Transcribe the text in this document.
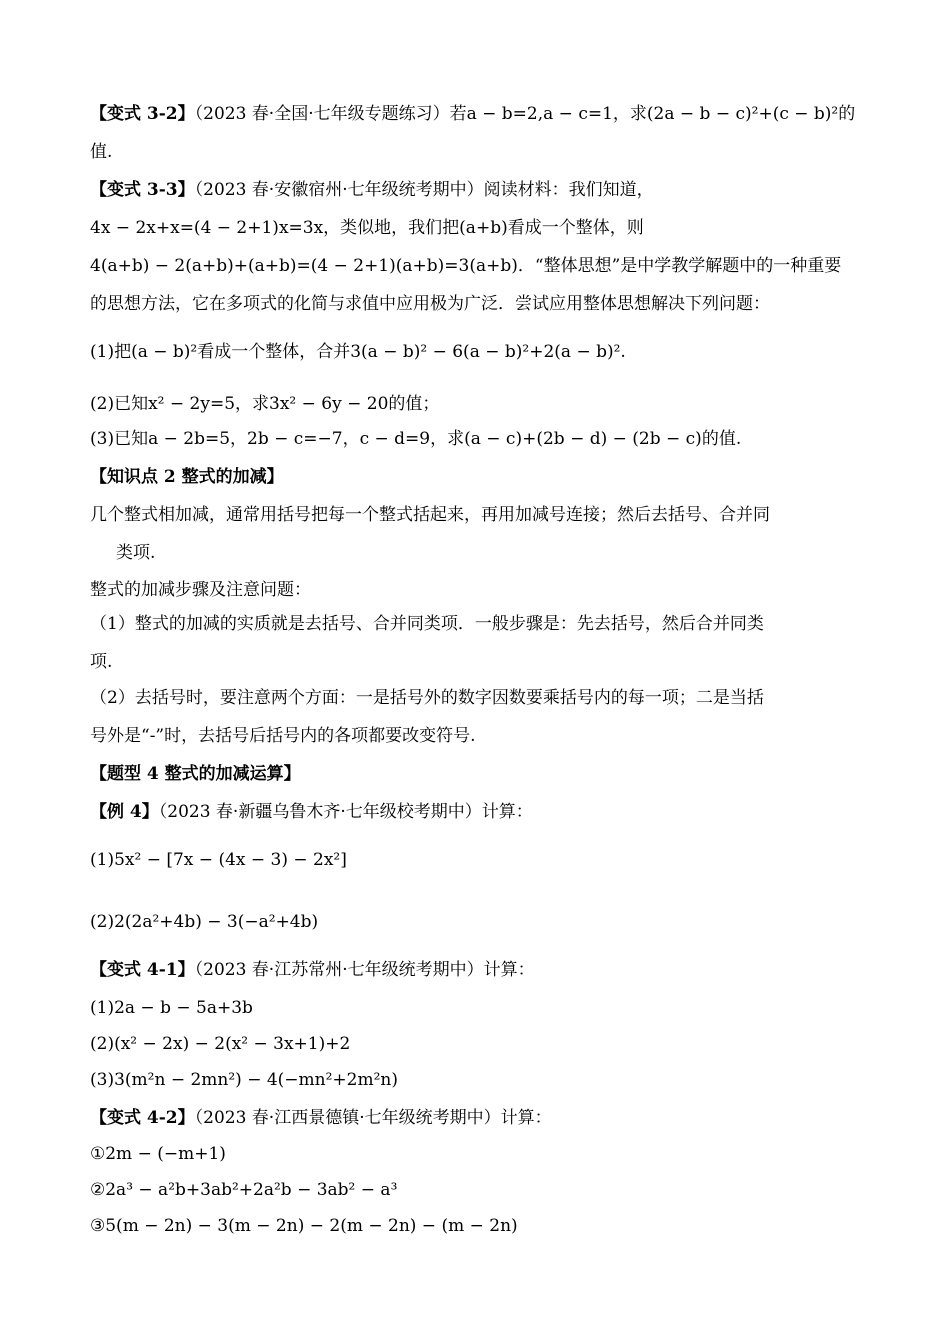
【变式 3-2】（2023 春·全国·七年级专题练习）若a − b=2,a − c=1，求(2a − b − c)²+(c − b)²的
值.
【变式 3-3】（2023 春·安徽宿州·七年级统考期中）阅读材料：我们知道，
4x − 2x+x=(4 − 2+1)x=3x，类似地，我们把(a+b)看成一个整体，则
4(a+b) − 2(a+b)+(a+b)=(4 − 2+1)(a+b)=3(a+b)．“整体思想”是中学教学解题中的一种重要
的思想方法，它在多项式的化简与求值中应用极为广泛．尝试应用整体思想解决下列问题：
(1)把(a − b)²看成一个整体，合并3(a − b)² − 6(a − b)²+2(a − b)².
(2)已知x² − 2y=5，求3x² − 6y − 20的值；
(3)已知a − 2b=5，2b − c=−7，c − d=9，求(a − c)+(2b − d) − (2b − c)的值.
【知识点 2 整式的加减】
几个整式相加减，通常用括号把每一个整式括起来，再用加减号连接；然后去括号、合并同
类项.
整式的加减步骤及注意问题：
（1）整式的加减的实质就是去括号、合并同类项．一般步骤是：先去括号，然后合并同类
项.
（2）去括号时，要注意两个方面：一是括号外的数字因数要乘括号内的每一项；二是当括
号外是“-”时，去括号后括号内的各项都要改变符号.
【题型 4 整式的加减运算】
【例 4】（2023 春·新疆乌鲁木齐·七年级校考期中）计算：
(1)5x² − [7x − (4x − 3) − 2x²]
(2)2(2a²+4b) − 3(−a²+4b)
【变式 4-1】（2023 春·江苏常州·七年级统考期中）计算：
(1)2a − b − 5a+3b
(2)(x² − 2x) − 2(x² − 3x+1)+2
(3)3(m²n − 2mn²) − 4(−mn²+2m²n)
【变式 4-2】（2023 春·江西景德镇·七年级统考期中）计算：
①2m − (−m+1)
②2a³ − a²b+3ab²+2a²b − 3ab² − a³
③5(m − 2n) − 3(m − 2n) − 2(m − 2n) − (m − 2n)
